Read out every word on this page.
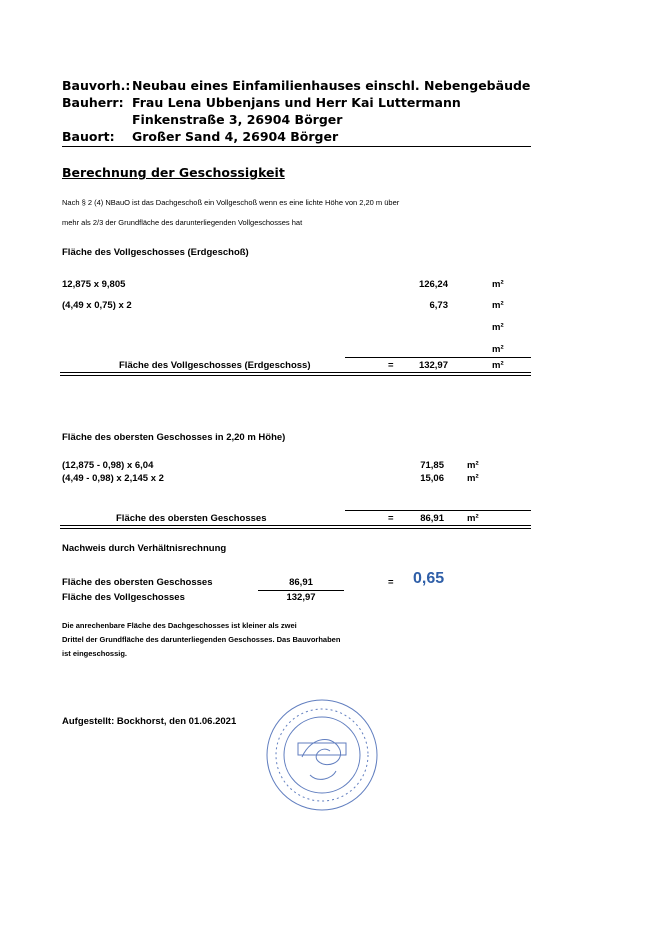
Bauvorh.: Neubau eines Einfamilienhauses einschl. Nebengebäude
Bauherr: Frau Lena Ubbenjans und Herr Kai Luttermann
Finkenstraße 3, 26904 Börger
Bauort: Großer Sand 4, 26904 Börger
Berechnung der Geschossigkeit
Nach § 2 (4) NBauO ist das Dachgeschoß ein Vollgeschoß wenn es eine lichte Höhe von 2,20 m über
mehr als 2/3 der Grundfläche des darunterliegenden Vollgeschosses hat
Fläche des Vollgeschosses (Erdgeschoß)
12,875 x 9,805	126,24	m²
(4,49 x 0,75) x 2	6,73	m²
m²
m²
Fläche des Vollgeschosses (Erdgeschoss)	=	132,97	m²
Fläche des obersten Geschosses in 2,20 m Höhe)
(12,875 - 0,98) x 6,04	71,85 m²
(4,49 - 0,98) x 2,145 x 2	15,06 m²
Fläche des obersten Geschosses	=	86,91 m²
Nachweis durch Verhältnisrechnung
Fläche des obersten Geschosses	86,91
Fläche des Vollgeschosses	132,97
= 0,65
Die anrechenbare Fläche des Dachgeschosses ist kleiner als zwei
Drittel der Grundfläche des darunterliegenden Geschosses. Das Bauvorhaben
ist eingeschossig.
Aufgestellt: Bockhorst, den 01.06.2021
